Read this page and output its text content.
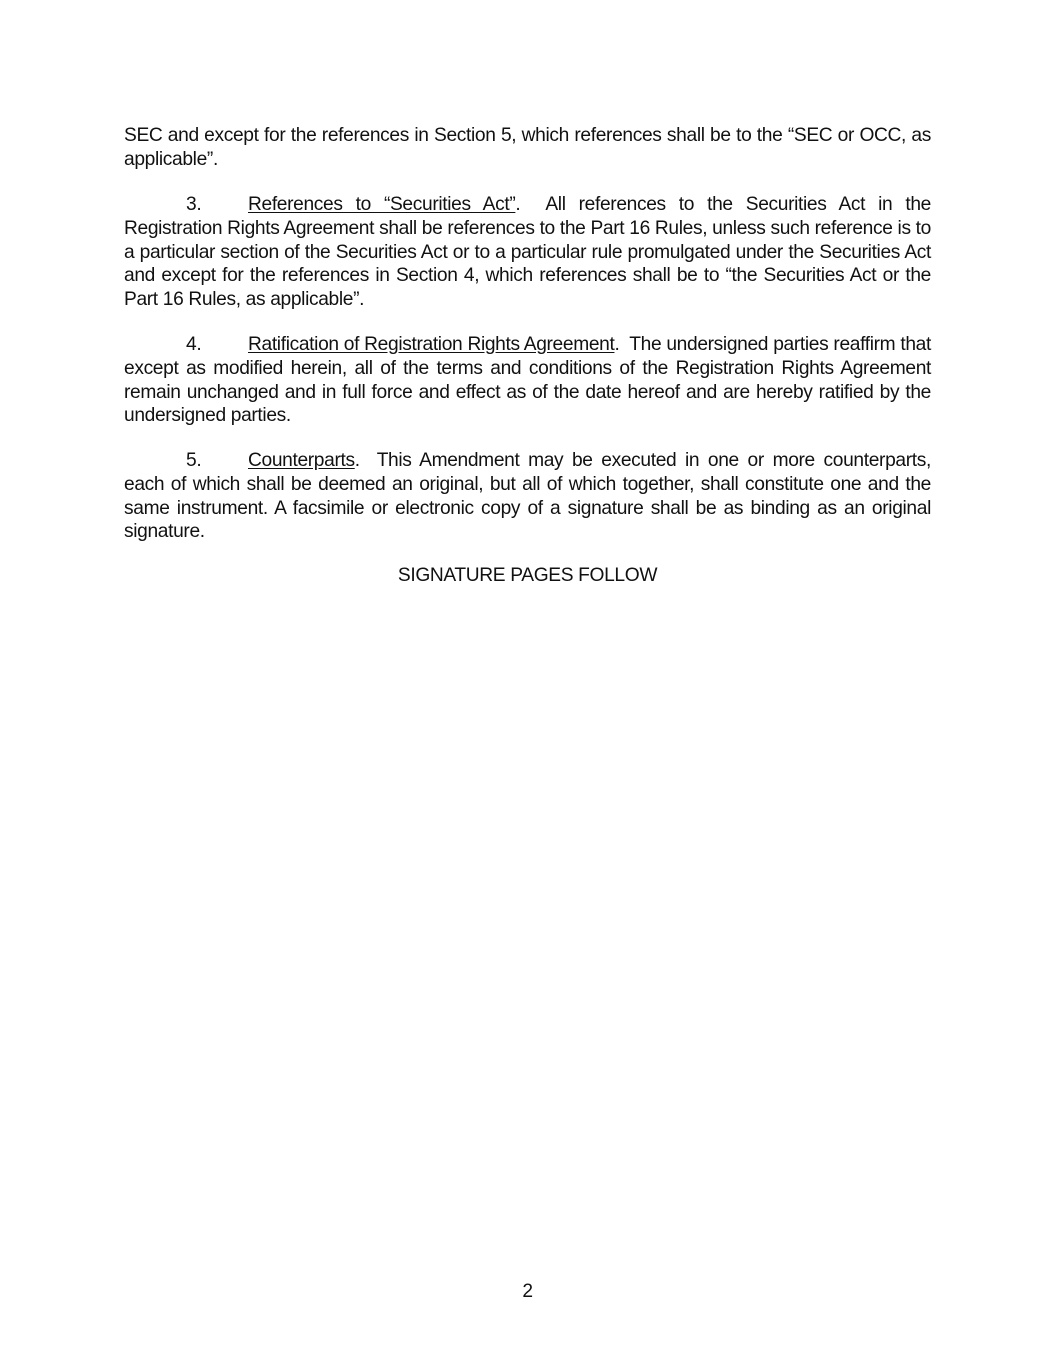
SEC and except for the references in Section 5, which references shall be to the “SEC or OCC, as applicable”.

3. References to “Securities Act”. All references to the Securities Act in the Registration Rights Agreement shall be references to the Part 16 Rules, unless such reference is to a particular section of the Securities Act or to a particular rule promulgated under the Securities Act and except for the references in Section 4, which references shall be to “the Securities Act or the Part 16 Rules, as applicable”.

4. Ratification of Registration Rights Agreement. The undersigned parties reaffirm that except as modified herein, all of the terms and conditions of the Registration Rights Agreement remain unchanged and in full force and effect as of the date hereof and are hereby ratified by the undersigned parties.

5. Counterparts. This Amendment may be executed in one or more counterparts, each of which shall be deemed an original, but all of which together, shall constitute one and the same instrument. A facsimile or electronic copy of a signature shall be as binding as an original signature.

SIGNATURE PAGES FOLLOW
2
